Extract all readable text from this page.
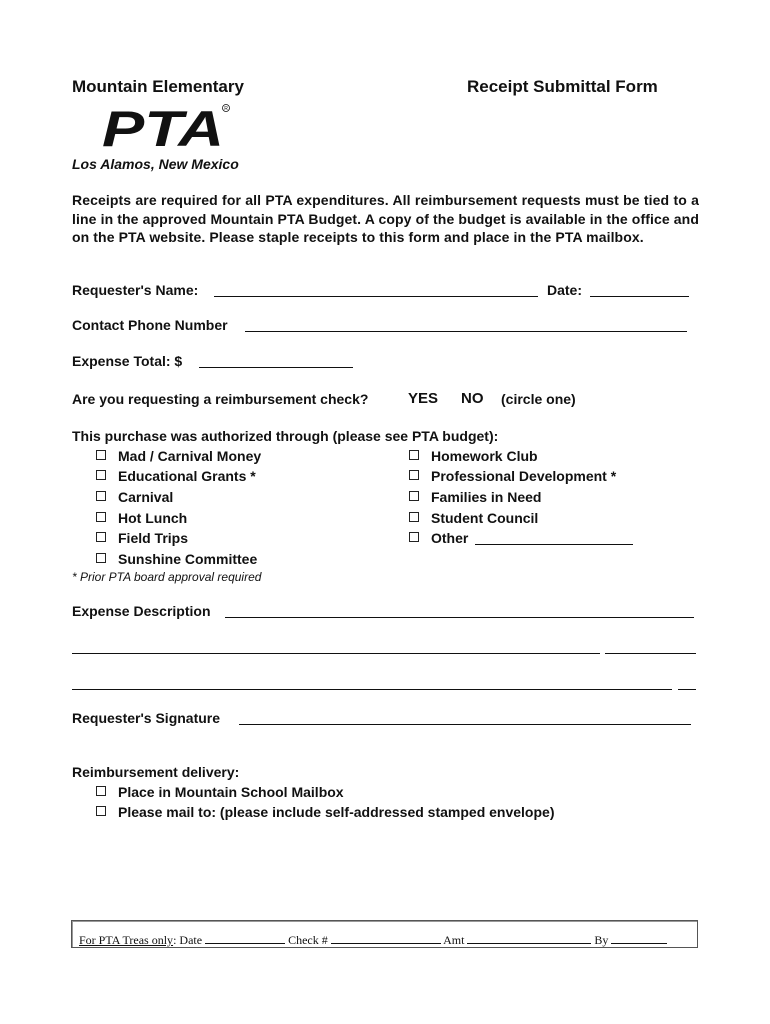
Mountain Elementary	Receipt Submittal Form
PTA R
Los Alamos, New Mexico
Receipts are required for all PTA expenditures. All reimbursement requests must be tied to a line in the approved Mountain PTA Budget. A copy of the budget is available in the office and on the PTA website. Please staple receipts to this form and place in the PTA mailbox.
Requester's Name:	Date:
Contact Phone Number
Expense Total: $
Are you requesting a reimbursement check?	YES NO (circle one)
This purchase was authorized through (please see PTA budget):
Mad / Carnival Money
Educational Grants *
Carnival
Hot Lunch
Field Trips
Sunshine Committee
Homework Club
Professional Development *
Families in Need
Student Council
Other
* Prior PTA board approval required
Expense Description
Requester's Signature
Reimbursement delivery:
Place in Mountain School Mailbox
Please mail to: (please include self-addressed stamped envelope)
For PTA Treas only: Date	Check #	Amt	By
